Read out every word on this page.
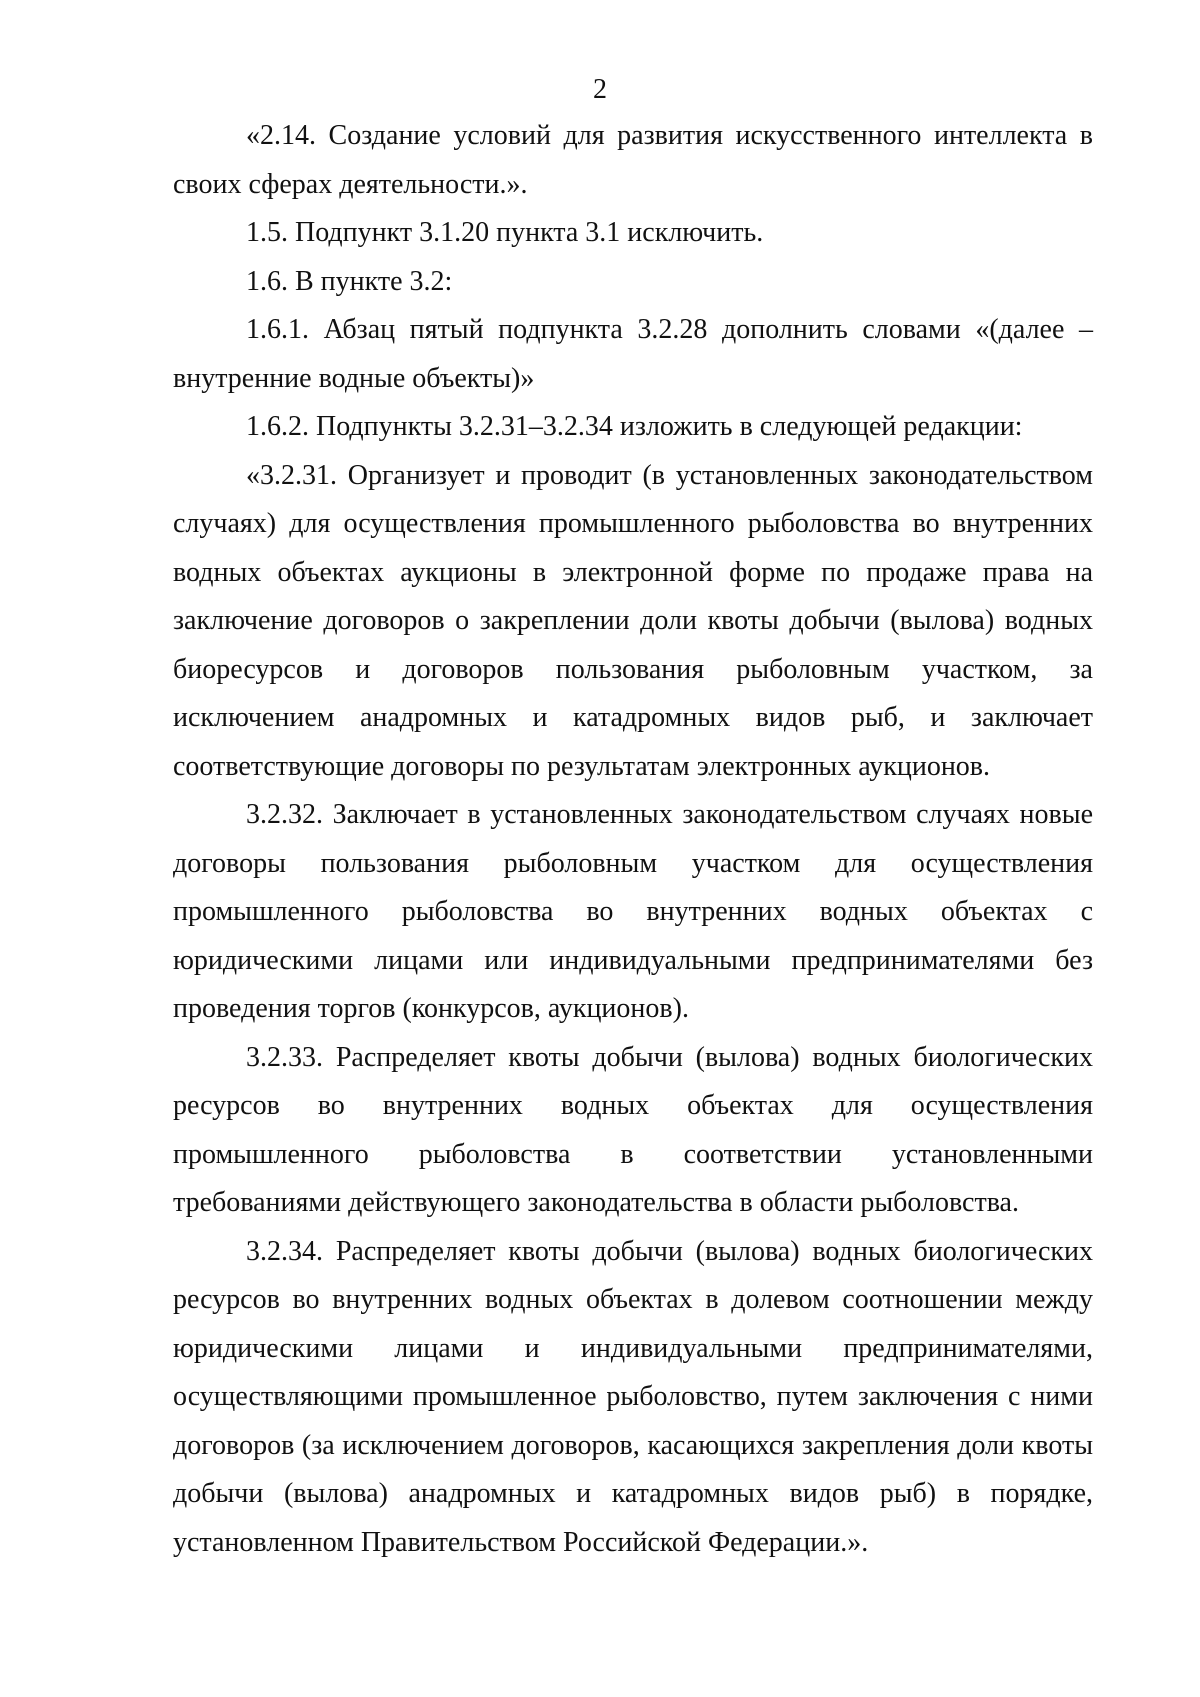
2

«2.14. Создание условий для развития искусственного интеллекта в своих сферах деятельности.».

1.5. Подпункт 3.1.20 пункта 3.1 исключить.

1.6. В пункте 3.2:

1.6.1. Абзац пятый подпункта 3.2.28 дополнить словами «(далее – внутренние водные объекты)»

1.6.2. Подпункты 3.2.31–3.2.34 изложить в следующей редакции:

«3.2.31. Организует и проводит (в установленных законодательством случаях) для осуществления промышленного рыболовства во внутренних водных объектах аукционы в электронной форме по продаже права на заключение договоров о закреплении доли квоты добычи (вылова) водных биоресурсов и договоров пользования рыболовным участком, за исключением анадромных и катадромных видов рыб, и заключает соответствующие договоры по результатам электронных аукционов.

3.2.32. Заключает в установленных законодательством случаях новые договоры пользования рыболовным участком для осуществления промышленного рыболовства во внутренних водных объектах с юридическими лицами или индивидуальными предпринимателями без проведения торгов (конкурсов, аукционов).

3.2.33. Распределяет квоты добычи (вылова) водных биологических ресурсов во внутренних водных объектах для осуществления промышленного рыболовства в соответствии установленными требованиями действующего законодательства в области рыболовства.

3.2.34. Распределяет квоты добычи (вылова) водных биологических ресурсов во внутренних водных объектах в долевом соотношении между юридическими лицами и индивидуальными предпринимателями, осуществляющими промышленное рыболовство, путем заключения с ними договоров (за исключением договоров, касающихся закрепления доли квоты добычи (вылова) анадромных и катадромных видов рыб) в порядке, установленном Правительством Российской Федерации.».
